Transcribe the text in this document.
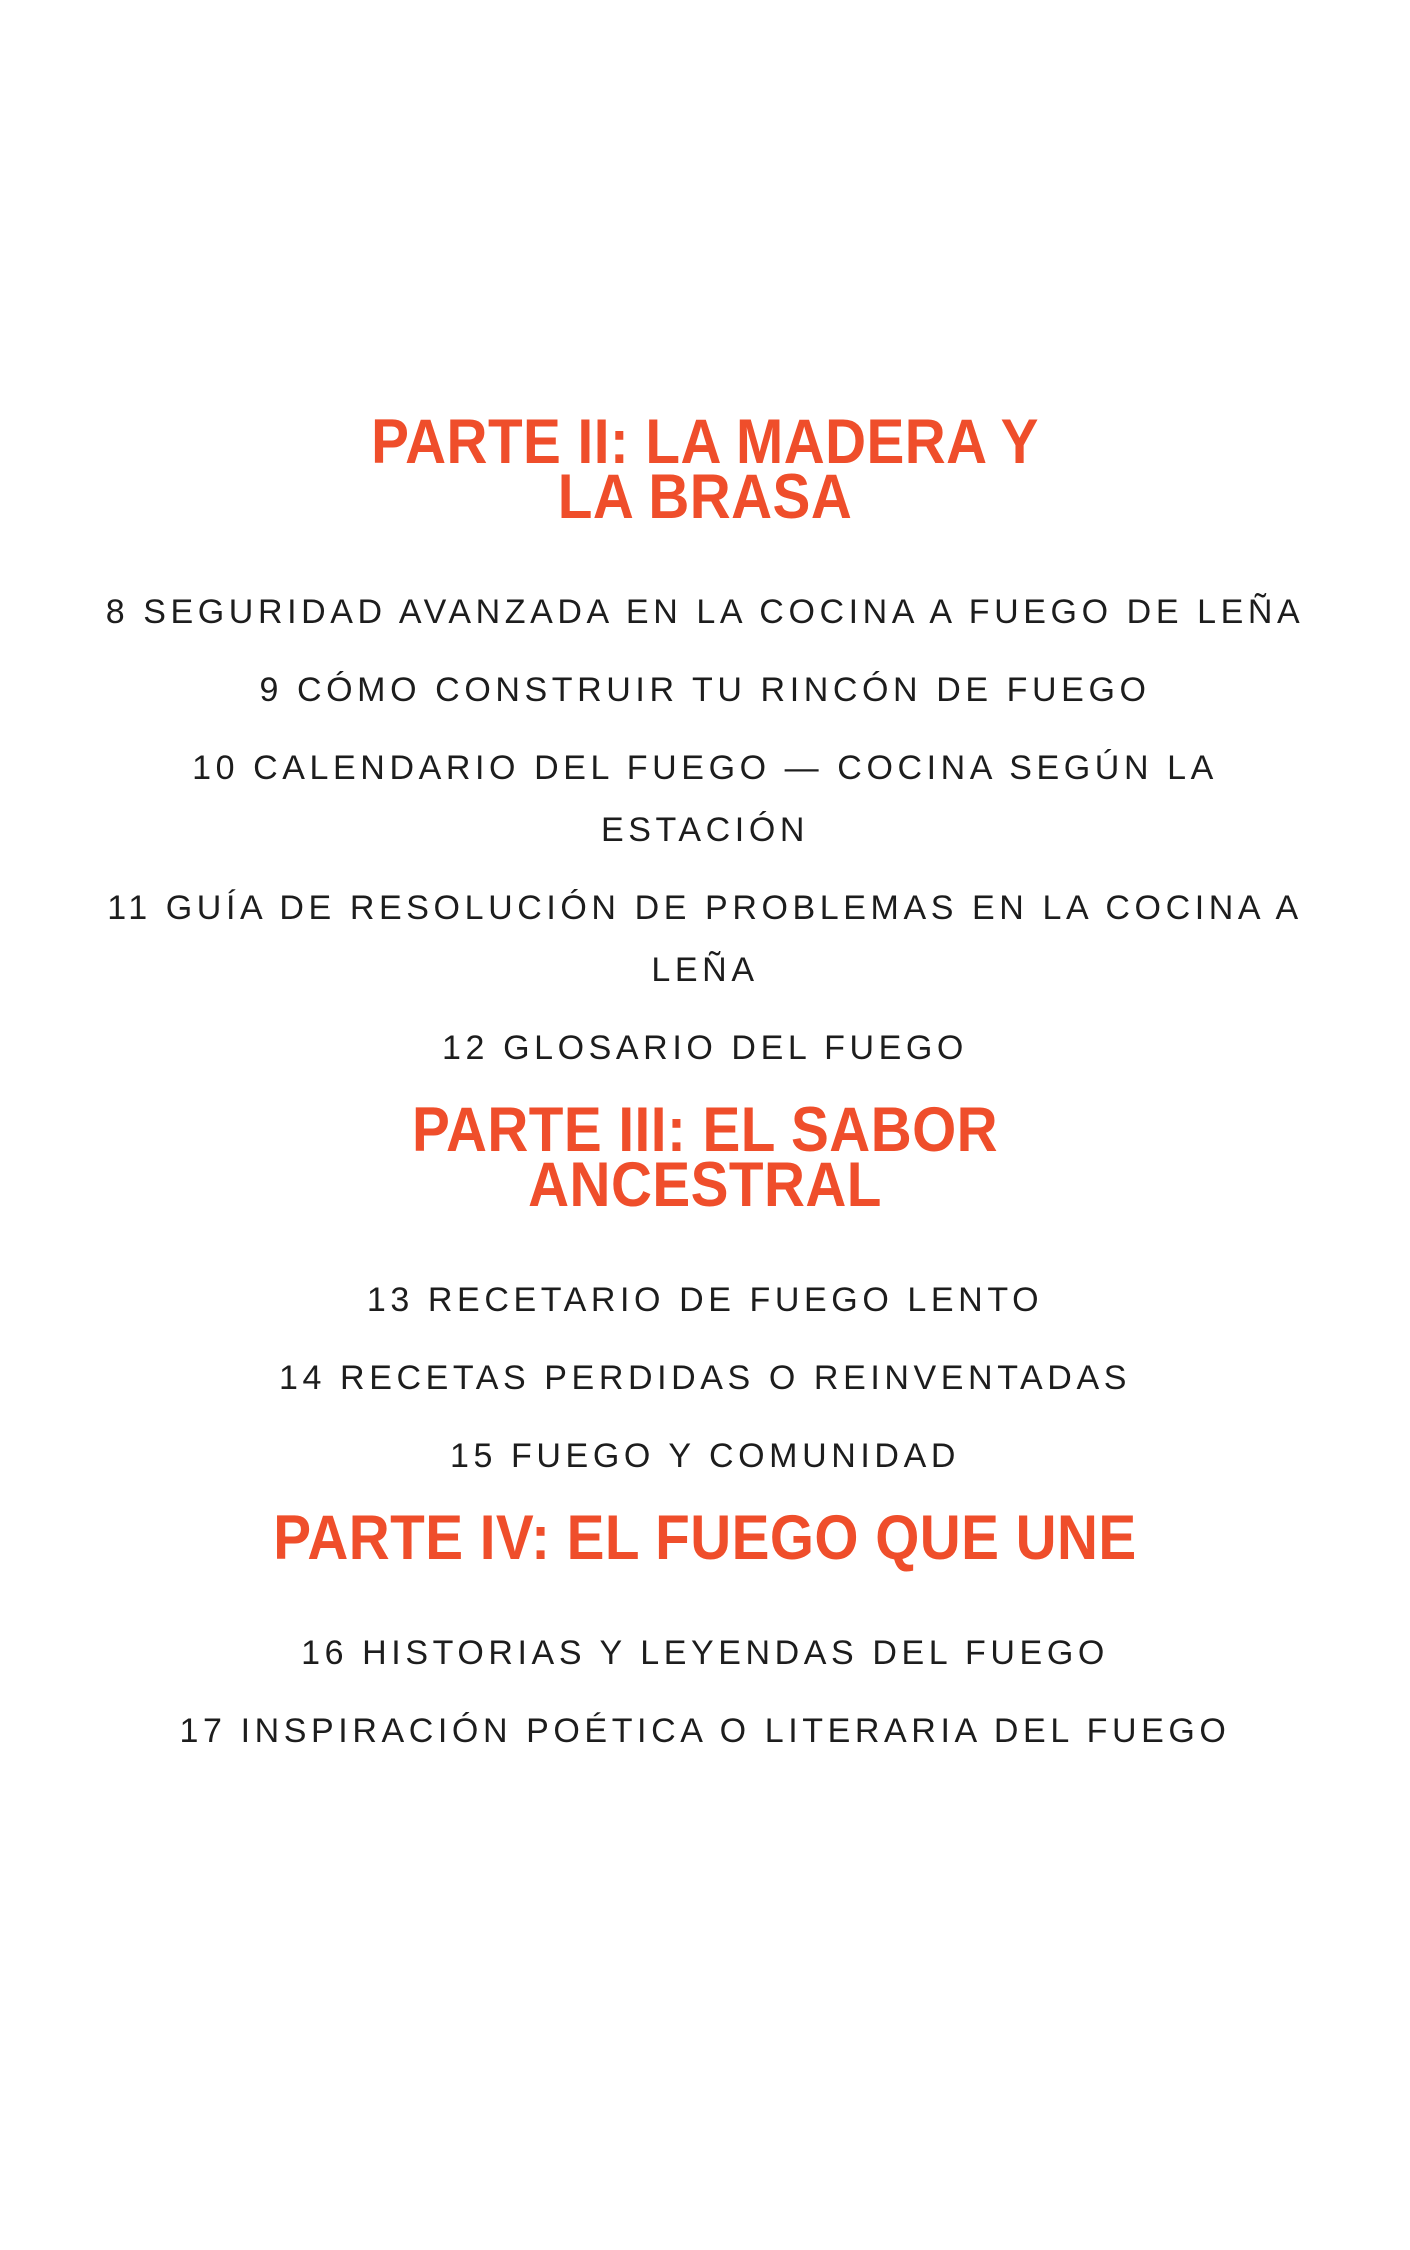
PARTE II: LA MADERA Y
LA BRASA
8 SEGURIDAD AVANZADA EN LA COCINA A FUEGO DE LEÑA
9 CÓMO CONSTRUIR TU RINCÓN DE FUEGO
10 CALENDARIO DEL FUEGO — COCINA SEGÚN LA
ESTACIÓN
11 GUÍA DE RESOLUCIÓN DE PROBLEMAS EN LA COCINA A
LEÑA
12 GLOSARIO DEL FUEGO
PARTE III: EL SABOR
ANCESTRAL
13 RECETARIO DE FUEGO LENTO
14 RECETAS PERDIDAS O REINVENTADAS
15 FUEGO Y COMUNIDAD
PARTE IV: EL FUEGO QUE UNE
16 HISTORIAS Y LEYENDAS DEL FUEGO
17 INSPIRACIÓN POÉTICA O LITERARIA DEL FUEGO
